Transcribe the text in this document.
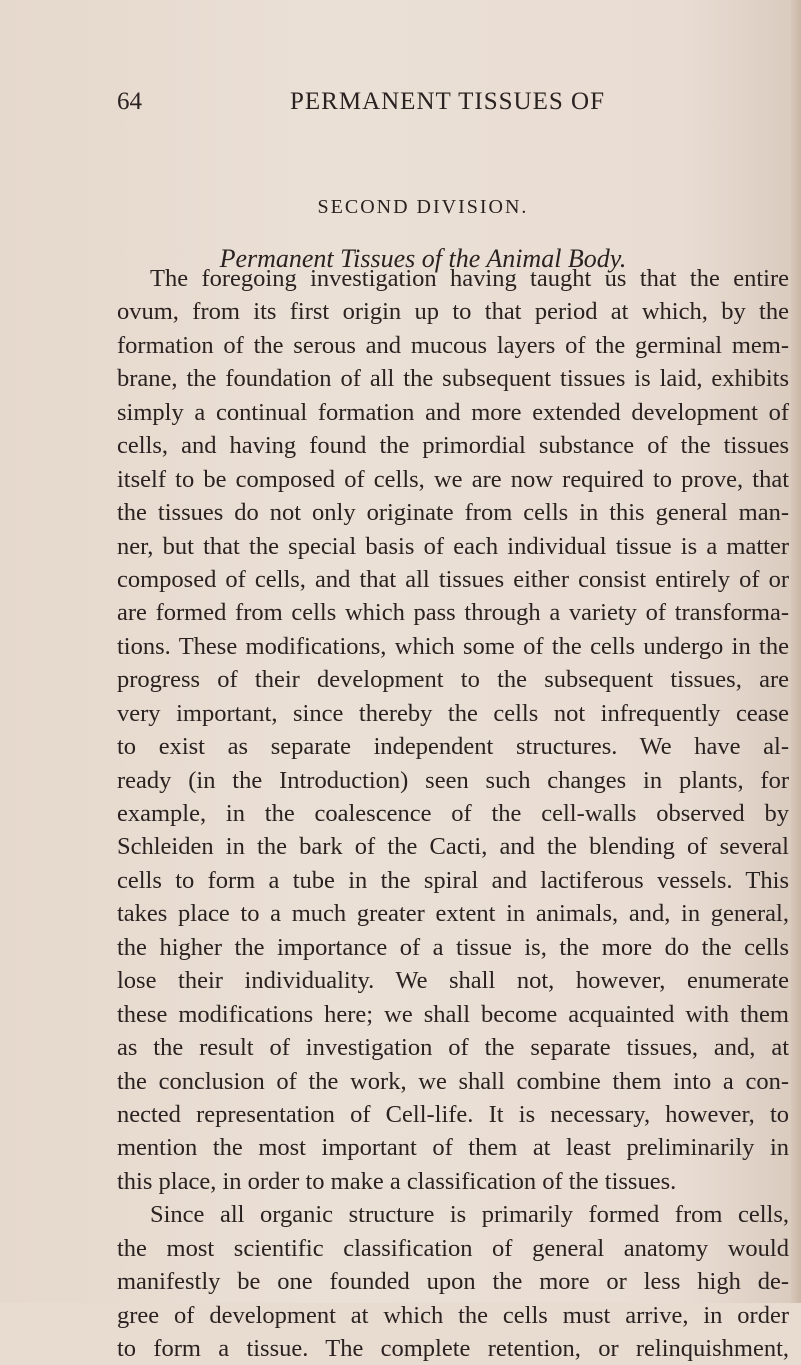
64	PERMANENT TISSUES OF
SECOND DIVISION.
Permanent Tissues of the Animal Body.
The foregoing investigation having taught us that the entire
ovum, from its first origin up to that period at which, by the
formation of the serous and mucous layers of the germinal mem-
brane, the foundation of all the subsequent tissues is laid, exhibits
simply a continual formation and more extended development of
cells, and having found the primordial substance of the tissues
itself to be composed of cells, we are now required to prove, that
the tissues do not only originate from cells in this general man-
ner, but that the special basis of each individual tissue is a matter
composed of cells, and that all tissues either consist entirely of or
are formed from cells which pass through a variety of transforma-
tions. These modifications, which some of the cells undergo in the
progress of their development to the subsequent tissues, are
very important, since thereby the cells not infrequently cease
to exist as separate independent structures. We have al-
ready (in the Introduction) seen such changes in plants, for
example, in the coalescence of the cell-walls observed by
Schleiden in the bark of the Cacti, and the blending of several
cells to form a tube in the spiral and lactiferous vessels. This
takes place to a much greater extent in animals, and, in general,
the higher the importance of a tissue is, the more do the cells
lose their individuality. We shall not, however, enumerate
these modifications here; we shall become acquainted with them
as the result of investigation of the separate tissues, and, at
the conclusion of the work, we shall combine them into a con-
nected representation of Cell-life. It is necessary, however, to
mention the most important of them at least preliminarily in
this place, in order to make a classification of the tissues.
Since all organic structure is primarily formed from cells,
the most scientific classification of general anatomy would
manifestly be one founded upon the more or less high de-
gree of development at which the cells must arrive, in order
to form a tissue. The complete retention, or relinquishment,
